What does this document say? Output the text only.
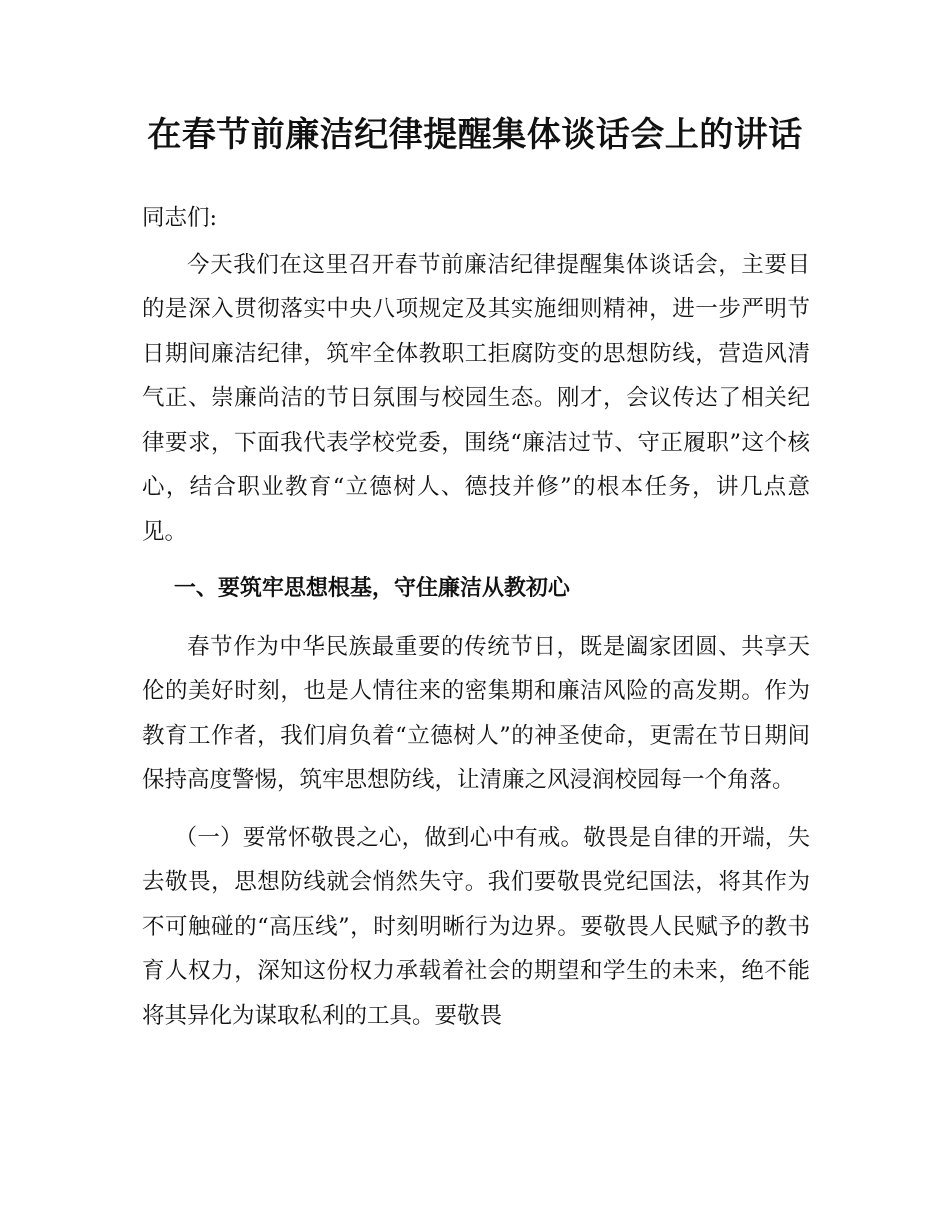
在春节前廉洁纪律提醒集体谈话会上的讲话
同志们:

今天我们在这里召开春节前廉洁纪律提醒集体谈话会，主要目的是深入贯彻落实中央八项规定及其实施细则精神，进一步严明节日期间廉洁纪律，筑牢全体教职工拒腐防变的思想防线，营造风清气正、崇廉尚洁的节日氛围与校园生态。刚才，会议传达了相关纪律要求，下面我代表学校党委，围绕“廉洁过节、守正履职”这个核心，结合职业教育“立德树人、德技并修”的根本任务，讲几点意见。

一、要筑牢思想根基，守住廉洁从教初心

春节作为中华民族最重要的传统节日，既是阖家团圆、共享天伦的美好时刻，也是人情往来的密集期和廉洁风险的高发期。作为教育工作者，我们肩负着“立德树人”的神圣使命，更需在节日期间保持高度警惕，筑牢思想防线，让清廉之风浸润校园每一个角落。

（一）要常怀敬畏之心，做到心中有戒。敬畏是自律的开端，失去敬畏，思想防线就会悄然失守。我们要敬畏党纪国法，将其作为不可触碰的“高压线”，时刻明晰行为边界。要敬畏人民赋予的教书育人权力，深知这份权力承载着社会的期望和学生的未来，绝不能将其异化为谋取私利的工具。要敬畏
